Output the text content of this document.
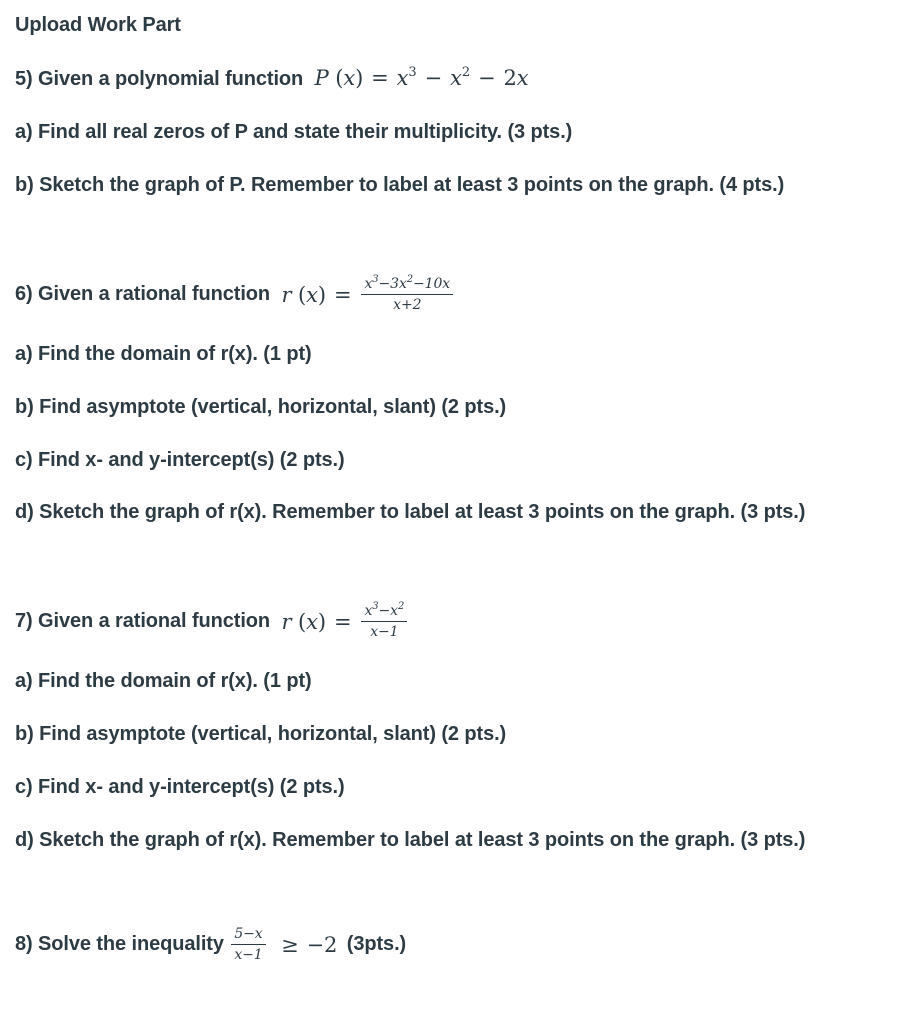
Upload Work Part
5) Given a polynomial function P $(x) = x^3 - x^2 - 2x$
a) Find all real zeros of P and state their multiplicity. (3 pts.)
b) Sketch the graph of P. Remember to label at least 3 points on the graph. (4 pts.)
6) Given a rational function r $(x) = \frac{x^3-3x^2-10x}{x+2}$
a) Find the domain of r(x). (1 pt)
b) Find asymptote (vertical, horizontal, slant) (2 pts.)
c) Find x- and y-intercept(s) (2 pts.)
d) Sketch the graph of r(x). Remember to label at least 3 points on the graph. (3 pts.)
7) Given a rational function r $(x) = \frac{x^3-x^2}{x-1}$
a) Find the domain of r(x). (1 pt)
b) Find asymptote (vertical, horizontal, slant) (2 pts.)
c) Find x- and y-intercept(s) (2 pts.)
d) Sketch the graph of r(x). Remember to label at least 3 points on the graph. (3 pts.)
8) Solve the inequality $\frac{5-x}{x-1} \ge -2$ (3pts.)
